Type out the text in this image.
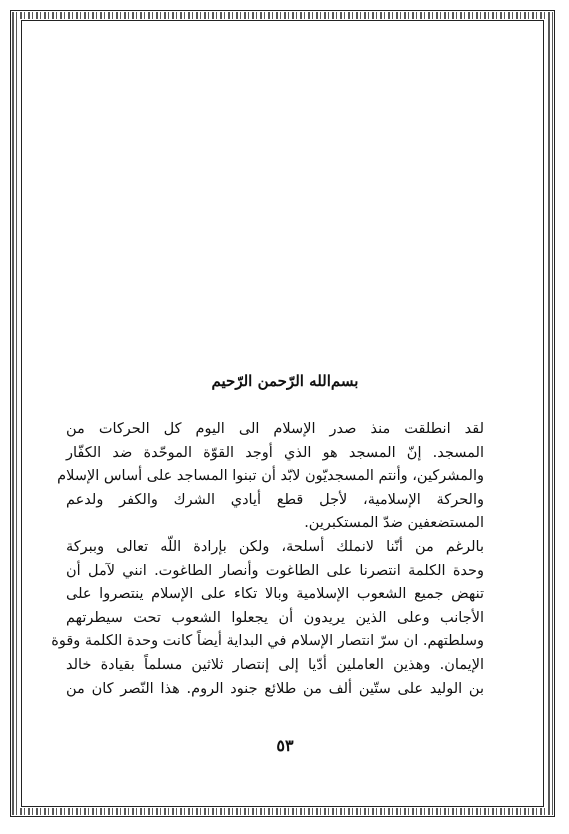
بسم‌الله الرّحمن الرّحيم

لقد انطلقت منذ صدر الإسلام الى اليوم كل الحركات من
المسجد. إنّ المسجد هو الذي أوجد القوّة الموحّدة ضد الكفّار
والمشركين، وأنتم المسجديّون لابّد أن تبنوا المساجد على أساس الإسلام
والحركة الإسلامية، لأجل قطع أيادي الشرك والكفر ولدعم
المستضعفين ضدّ المستكبرين.

بالرغم من أنّنا لانملك أسلحة، ولكن بإرادة اللّه تعالى وببركة
وحدة الكلمة انتصرنا على الطاغوت وأنصار الطاغوت. انني لآمل أن
تنهض جميع الشعوب الإسلامية وبالا تكاء على الإسلام ينتصروا على
الأجانب وعلى الذين يريدون أن يجعلوا الشعوب تحت سيطرتهم
وسلطتهم. ان سرّ انتصار الإسلام في البداية أيضاً كانت وحدة الكلمة وقوة
الإيمان. وهذين العاملين أدّيا إلى إنتصار ثلاثين مسلماً بقيادة خالد
بن الوليد على ستّين ألف من طلائع جنود الروم. هذا النّصر كان من

٥٣
